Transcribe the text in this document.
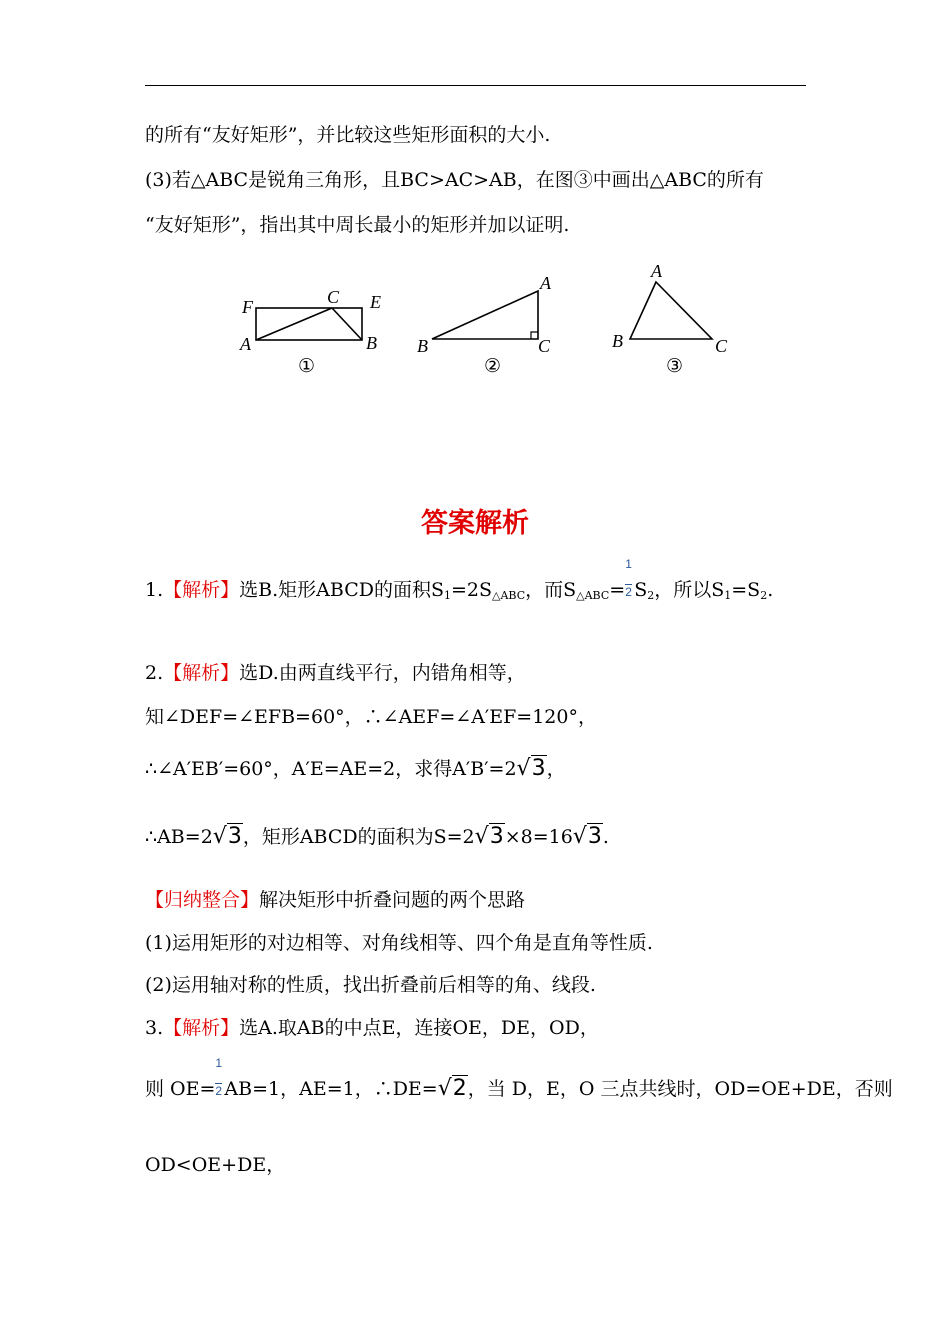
的所有“友好矩形”，并比较这些矩形面积的大小.
(3)若△ABC是锐角三角形，且BC>AC>AB，在图③中画出△ABC的所有
“友好矩形”，指出其中周长最小的矩形并加以证明.
F	C E
A	B
①
A
B	C
②
A
B	C
③
答案解析
1.【解析】选B.矩形ABCD的面积$S_1=2S_{\triangle ABC}$，而$S_{\triangle ABC}= \frac{1}{2}S_2$，所以$S_1=S_2$.
2.【解析】选D.由两直线平行，内错角相等，
知∠DEF=∠EFB=60°，∴∠AEF=∠A′EF=120°，
∴∠A′EB′=60°，A′E=AE=2，求得A′B′=2√3，
∴AB=2√3，矩形ABCD的面积为S=2√3×8=16√3.
【归纳整合】解决矩形中折叠问题的两个思路
(1)运用矩形的对边相等、对角线相等、四个角是直角等性质.
(2)运用轴对称的性质，找出折叠前后相等的角、线段.
3.【解析】选A.取AB的中点E，连接OE，DE，OD，
则 $OE= \frac{1}{2}AB=1$，AE=1，∴DE=√2，当 D，E，O 三点共线时，OD=OE+DE，否则
OD<OE+DE，
